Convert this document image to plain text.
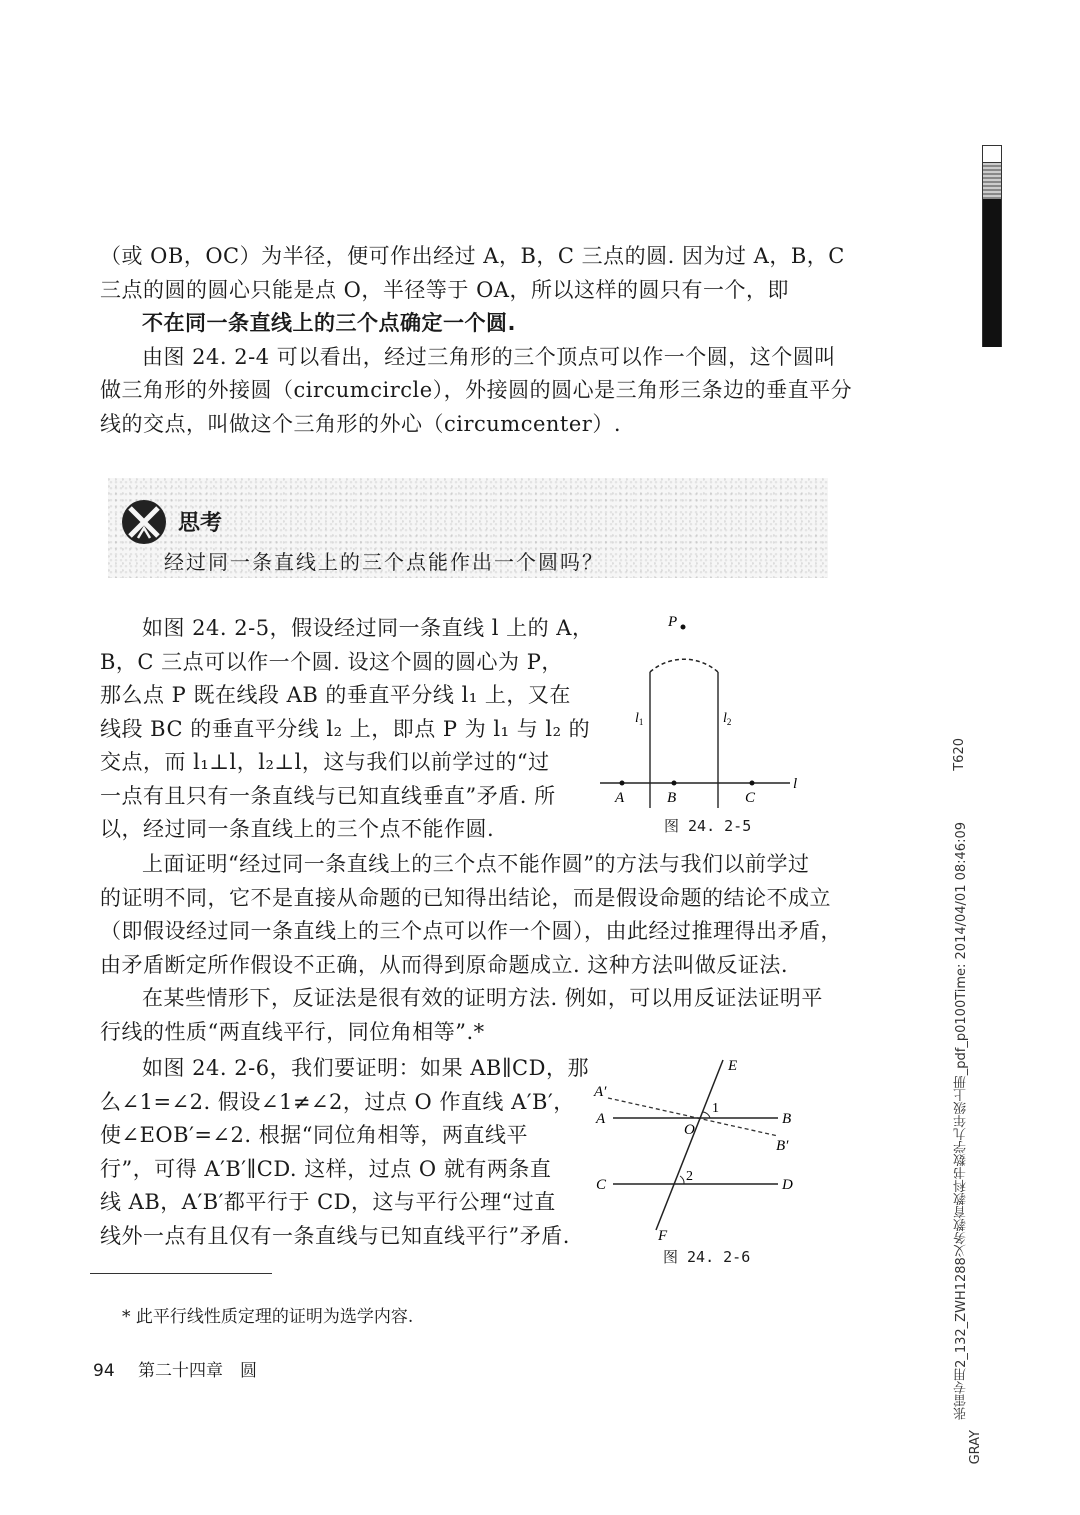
（或 OB，OC）为半径，便可作出经过 A，B，C 三点的圆. 因为过 A，B，C
三点的圆的圆心只能是点 O，半径等于 OA，所以这样的圆只有一个，即
不在同一条直线上的三个点确定一个圆.
由图 24. 2-4 可以看出，经过三角形的三个顶点可以作一个圆，这个圆叫
做三角形的外接圆（circumcircle），外接圆的圆心是三角形三条边的垂直平分
线的交点，叫做这个三角形的外心（circumcenter）.
思考
经过同一条直线上的三个点能作出一个圆吗？
如图 24. 2-5，假设经过同一条直线 l 上的 A，
B，C 三点可以作一个圆. 设这个圆的圆心为 P，
那么点 P 既在线段 AB 的垂直平分线 l₁ 上，又在
线段 BC 的垂直平分线 l₂ 上，即点 P 为 l₁ 与 l₂ 的
交点，而 l₁⊥l，l₂⊥l，这与我们以前学过的“过
一点有且只有一条直线与已知直线垂直”矛盾. 所
以，经过同一条直线上的三个点不能作圆.
P
$l_1$	$l_2$
A	B	C
l
图 24. 2-5
上面证明“经过同一条直线上的三个点不能作圆”的方法与我们以前学过
的证明不同，它不是直接从命题的已知得出结论，而是假设命题的结论不成立
（即假设经过同一条直线上的三个点可以作一个圆），由此经过推理得出矛盾，
由矛盾断定所作假设不正确，从而得到原命题成立. 这种方法叫做反证法.
在某些情形下，反证法是很有效的证明方法. 例如，可以用反证法证明平
行线的性质“两直线平行，同位角相等”.*
如图 24. 2-6，我们要证明：如果 AB∥CD，那
么∠1=∠2. 假设∠1≠∠2，过点 O 作直线 A′B′，
使∠EOB′=∠2. 根据“同位角相等，两直线平
行”，可得 A′B′∥CD. 这样，过点 O 就有两条直
线 AB，A′B′都平行于 CD，这与平行公理“过直
线外一点有且仅有一条直线与已知直线平行”矛盾.
E
A′
A	B
B′
O
1
2
C	D
F
图 24. 2-6
* 此平行线性质定理的证明为选学内容.
94 第二十四章　圆
T620
张雷专用2_132_ZWH1288义务教育教科书数学九年级上册_pdf_p0100Time: 2014/04/01 08:46:09
GRAY
